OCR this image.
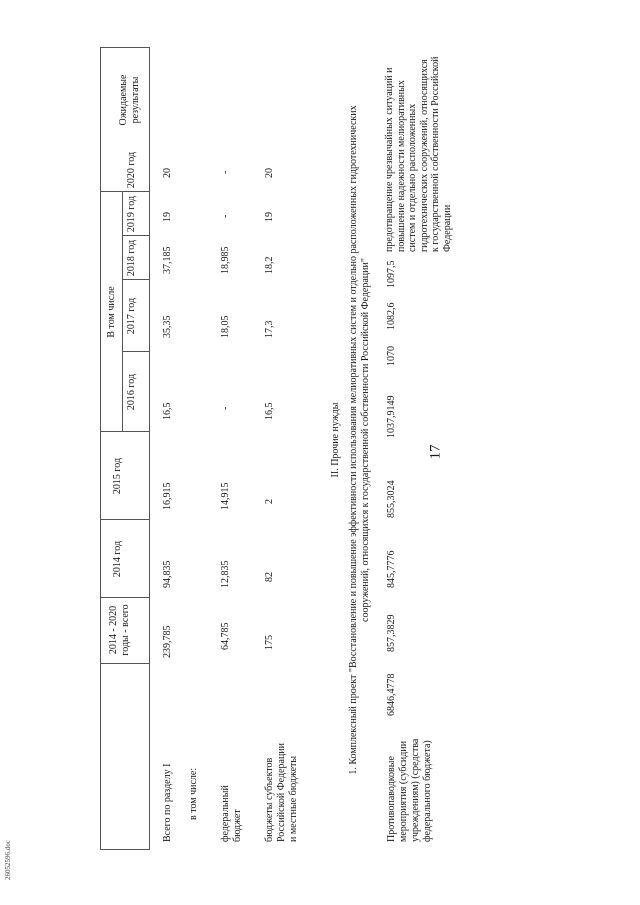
17
26052596.doc
2014 - 2020 годы - всего
2014 год
2015 год
В том числе
2016 год
2017 год
2018 год
2019 год
2020 год
Ожидаемые результаты
Всего по разделу I
239,785
94,835
16,915
16,5
35,35
37,185
19
20
в том числе: федеральный бюджет
64,785
12,835
14,915
-
18,05
18,985
-
-
бюджеты субъектов Российской Федерации и местные бюджеты
175
82
2
16,5
17,3
18,2
19
20
II. Прочие нужды 1. Комплексный проект "Восстановление и повышение эффективности использования мелиоративных систем и отдельно расположенных гидротехнических сооружений, относящихся к государственной собственности Российской Федерации"
Противопаводковые мероприятия (субсидии учреждениям) (средства федерального бюджета)
6846,4778
857,3829
845,7776
855,3024
1037,9149
1070
1082,6
1097,5
предотвращение чрезвычайных ситуаций и повышение надежности мелиоративных систем и отдельно расположенных гидротехнических сооружений, относящихся к государственной собственности Российской Федерации
